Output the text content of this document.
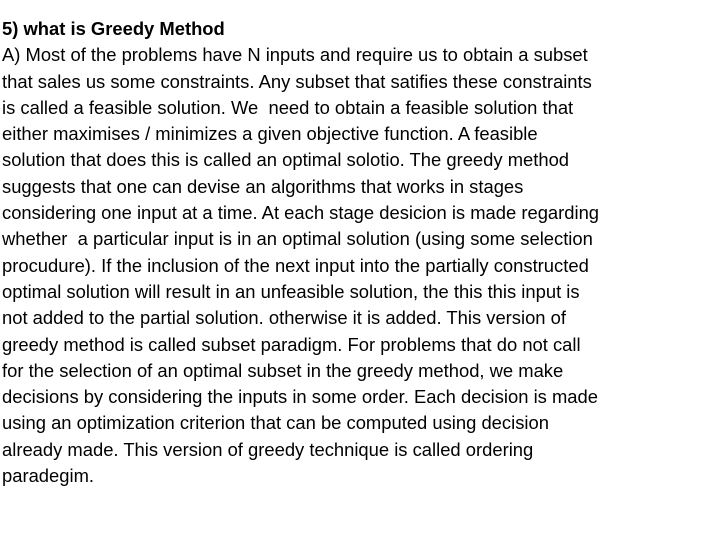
5) what is Greedy Method
A) Most of the problems have N inputs and require us to obtain a subset
that sales us some constraints. Any subset that satifies these constraints
is called a feasible solution. We  need to obtain a feasible solution that
either maximises / minimizes a given objective function. A feasible
solution that does this is called an optimal solotio. The greedy method
suggests that one can devise an algorithms that works in stages
considering one input at a time. At each stage desicion is made regarding
whether  a particular input is in an optimal solution (using some selection
procudure). If the inclusion of the next input into the partially constructed
optimal solution will result in an unfeasible solution, the this this input is
not added to the partial solution. otherwise it is added. This version of
greedy method is called subset paradigm. For problems that do not call
for the selection of an optimal subset in the greedy method, we make
decisions by considering the inputs in some order. Each decision is made
using an optimization criterion that can be computed using decision
already made. This version of greedy technique is called ordering
paradegim.
